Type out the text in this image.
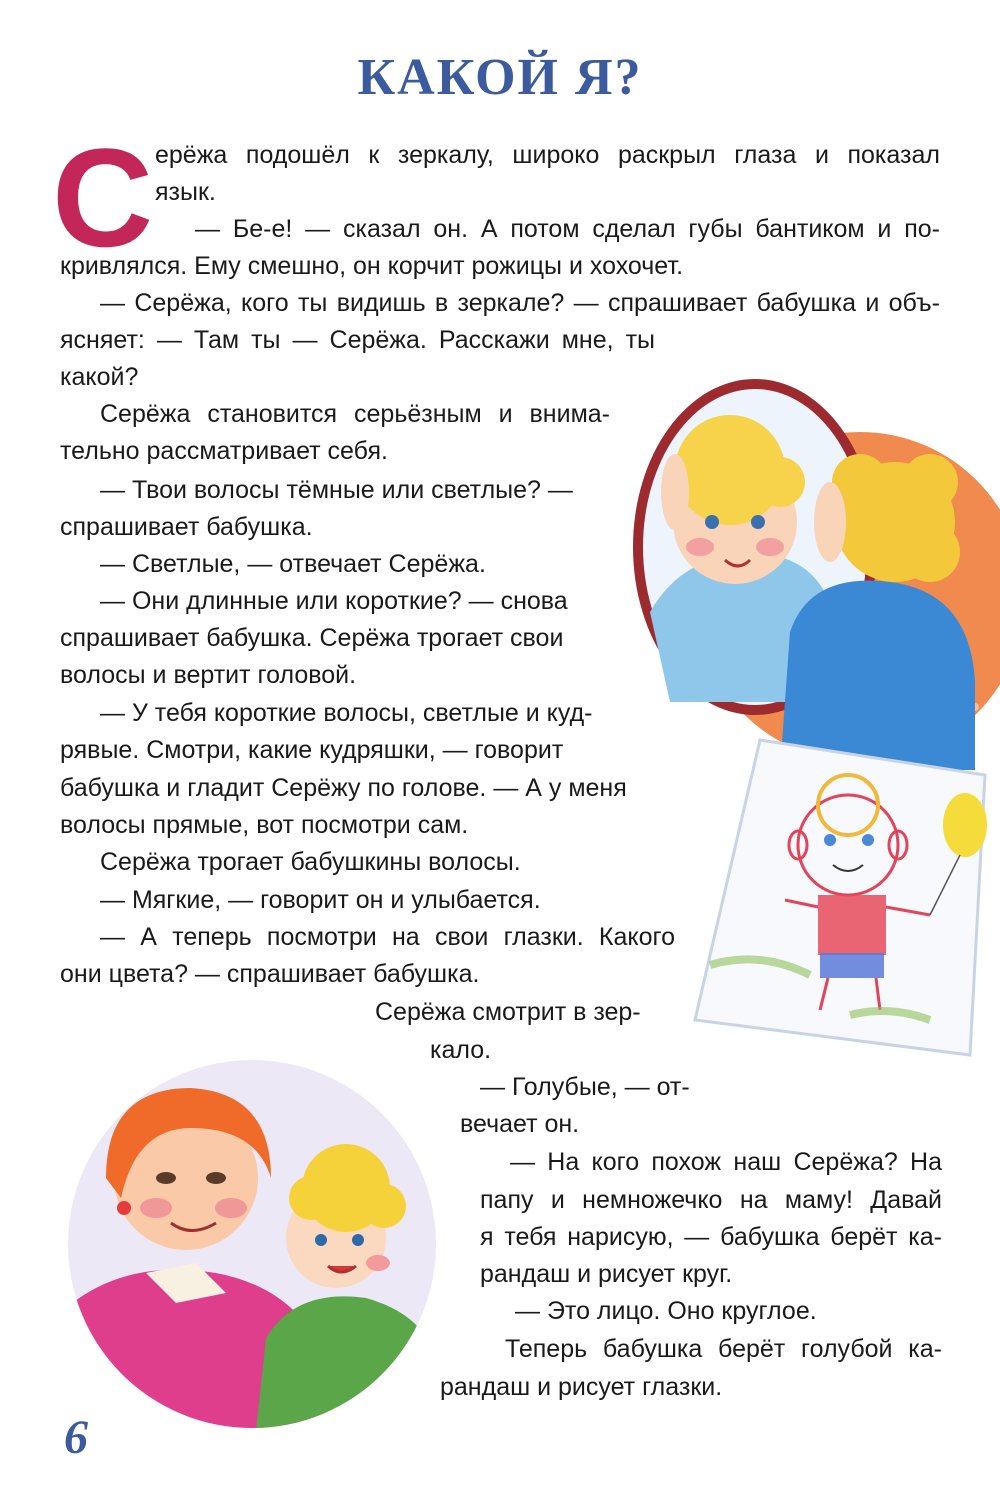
КАКОЙ Я?
С ерёжа подошёл к зеркалу, широко раскрыл глаза и показал
язык.
— Бе-е! — сказал он. А потом сделал губы бантиком и по-
кривлялся. Ему смешно, он корчит рожицы и хохочет.
— Серёжа, кого ты видишь в зеркале? — спрашивает бабушка и объ-
ясняет: — Там ты — Серёжа. Расскажи мне, ты
какой?
Серёжа становится серьёзным и внима-
тельно рассматривает себя.
— Твои волосы тёмные или светлые? —
спрашивает бабушка.
— Светлые, — отвечает Серёжа.
— Они длинные или короткие? — снова
спрашивает бабушка. Серёжа трогает свои
волосы и вертит головой.
— У тебя короткие волосы, светлые и куд-
рявые. Смотри, какие кудряшки, — говорит
бабушка и гладит Серёжу по голове. — А у меня
волосы прямые, вот посмотри сам.
Серёжа трогает бабушкины волосы.
— Мягкие, — говорит он и улыбается.
— А теперь посмотри на свои глазки. Какого
они цвета? — спрашивает бабушка.
Серёжа смотрит в зер-
кало.
— Голубые, — от-
вечает он.
— На кого похож наш Серёжа? На
папу и немножечко на маму! Давай
я тебя нарисую, — бабушка берёт ка-
рандаш и рисует круг.
— Это лицо. Оно круглое.
Теперь бабушка берёт голубой ка-
рандаш и рисует глазки.
6
